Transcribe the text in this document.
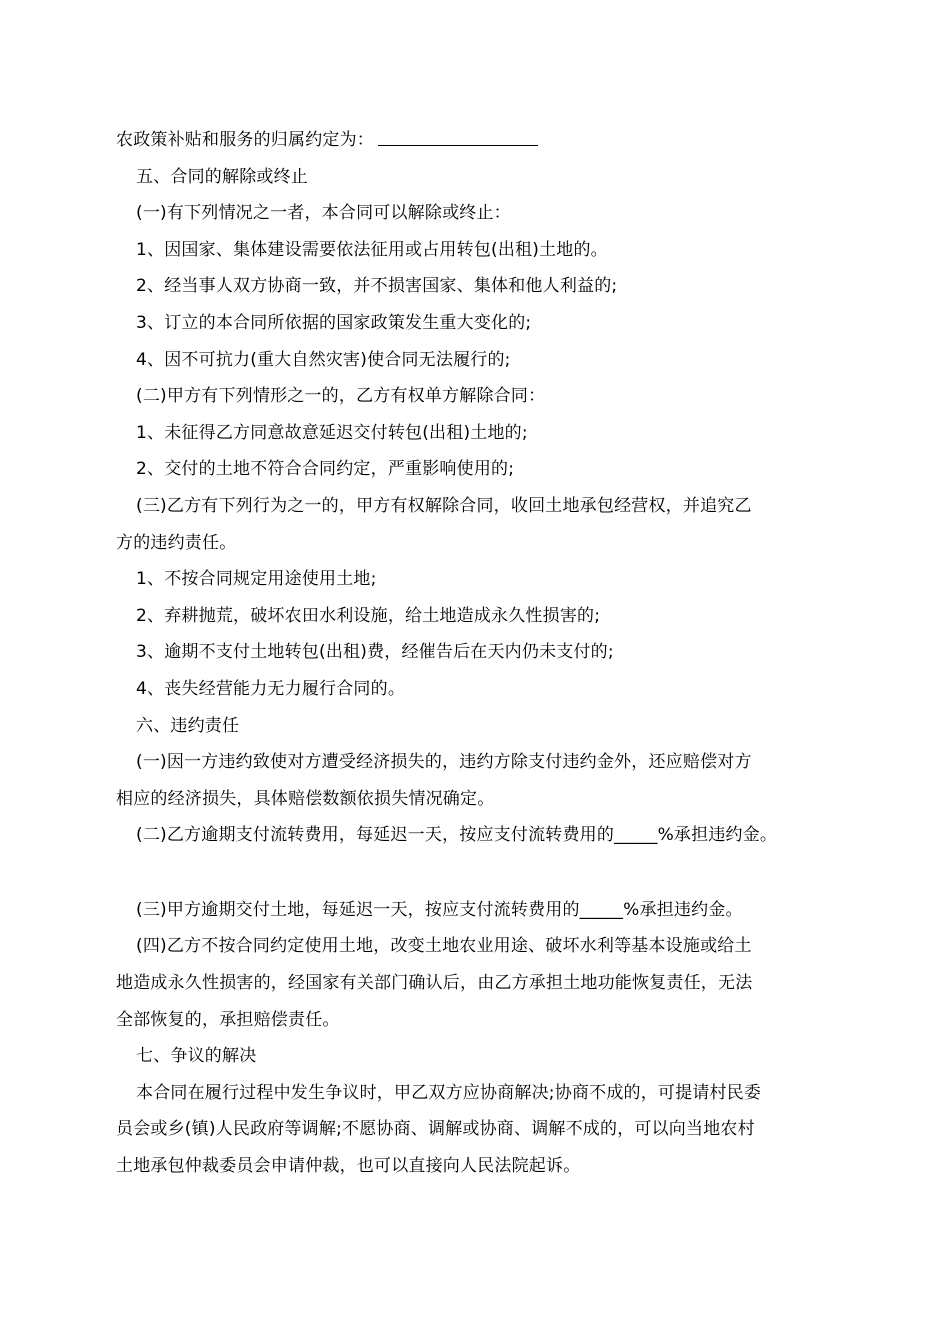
农政策补贴和服务的归属约定为：
五、合同的解除或终止
(一)有下列情况之一者，本合同可以解除或终止：
1、因国家、集体建设需要依法征用或占用转包(出租)土地的。
2、经当事人双方协商一致，并不损害国家、集体和他人利益的;
3、订立的本合同所依据的国家政策发生重大变化的;
4、因不可抗力(重大自然灾害)使合同无法履行的;
(二)甲方有下列情形之一的，乙方有权单方解除合同：
1、未征得乙方同意故意延迟交付转包(出租)土地的;
2、交付的土地不符合合同约定，严重影响使用的;
(三)乙方有下列行为之一的，甲方有权解除合同，收回土地承包经营权，并追究乙
方的违约责任。
1、不按合同规定用途使用土地;
2、弃耕抛荒，破坏农田水利设施，给土地造成永久性损害的;
3、逾期不支付土地转包(出租)费，经催告后在天内仍未支付的;
4、丧失经营能力无力履行合同的。
六、违约责任
(一)因一方违约致使对方遭受经济损失的，违约方除支付违约金外，还应赔偿对方
相应的经济损失，具体赔偿数额依损失情况确定。
(二)乙方逾期支付流转费用，每延迟一天，按应支付流转费用的_____%承担违约金。
(三)甲方逾期交付土地，每延迟一天，按应支付流转费用的_____%承担违约金。
(四)乙方不按合同约定使用土地，改变土地农业用途、破坏水利等基本设施或给土
地造成永久性损害的，经国家有关部门确认后，由乙方承担土地功能恢复责任，无法
全部恢复的，承担赔偿责任。
七、争议的解决
本合同在履行过程中发生争议时，甲乙双方应协商解决;协商不成的，可提请村民委
员会或乡(镇)人民政府等调解;不愿协商、调解或协商、调解不成的，可以向当地农村
土地承包仲裁委员会申请仲裁，也可以直接向人民法院起诉。
